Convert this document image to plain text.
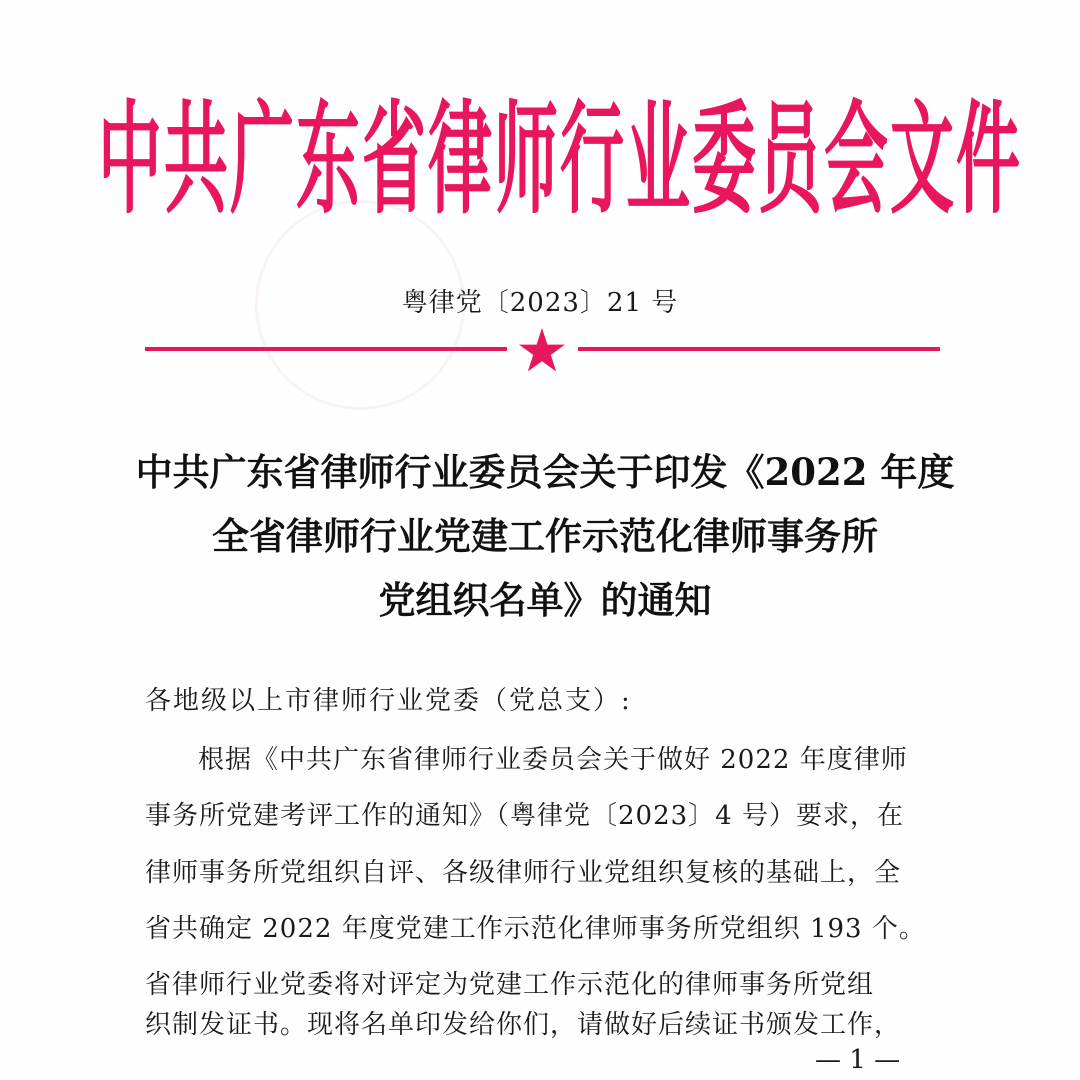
中共广东省律师行业委员会文件
粤律党〔2023〕21 号
中共广东省律师行业委员会关于印发《2022 年度
全省律师行业党建工作示范化律师事务所
党组织名单》的通知
各地级以上市律师行业党委（党总支）:
根据《中共广东省律师行业委员会关于做好 2022 年度律师
事务所党建考评工作的通知》（粤律党〔2023〕4 号）要求，在
律师事务所党组织自评、各级律师行业党组织复核的基础上，全
省共确定 2022 年度党建工作示范化律师事务所党组织 193 个。
省律师行业党委将对评定为党建工作示范化的律师事务所党组
织制发证书。现将名单印发给你们，请做好后续证书颁发工作，
— 1 —
